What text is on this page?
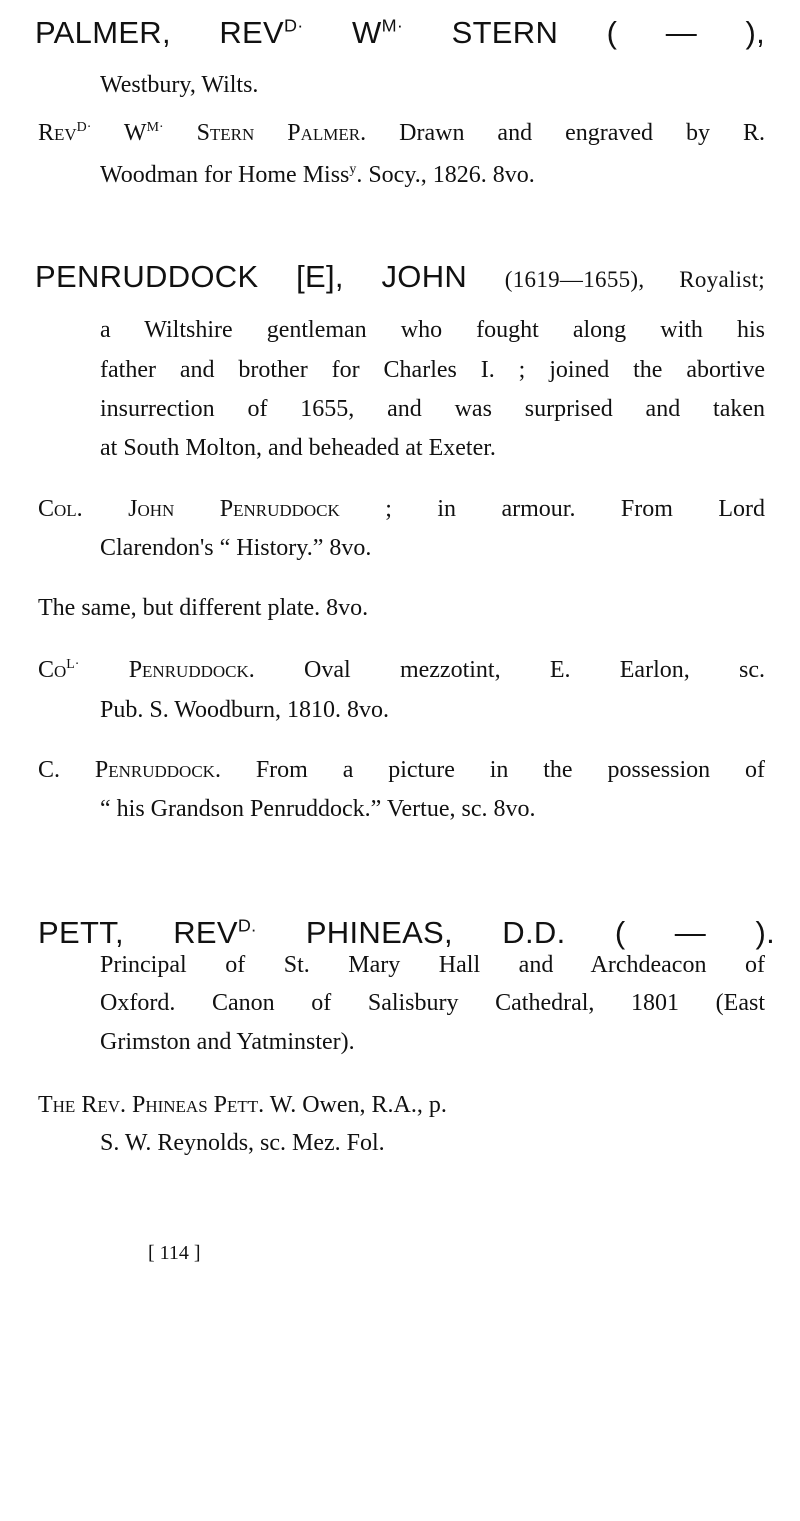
PALMER, $REV^{D\cdot}$ $W^{M\cdot}$ STERN ( — ),
Westbury, Wilts.
Rev$^{D\cdot}$ $W^{M\cdot}$ Stern Palmer. Drawn and engraved by R.
Woodman for Home Miss$^y$. Socy., 1826. 8vo.
PENRUDDOCK [E], JOHN (1619—1655), Royalist;
a Wiltshire gentleman who fought along with his
father and brother for Charles I. ; joined the abortive
insurrection of 1655, and was surprised and taken
at South Molton, and beheaded at Exeter.
Col. John Penruddock ; in armour. From Lord
Clarendon's “ History.” 8vo.
The same, but different plate. 8vo.
$Co^{L\cdot}$ Penruddock. Oval mezzotint, E. Earlon, sc.
Pub. S. Woodburn, 1810. 8vo.
C. Penruddock. From a picture in the possession of
“ his Grandson Penruddock.” Vertue, sc. 8vo.
PETT, $REV^{D.}$ PHINEAS, D.D. ( — ).
Principal of St. Mary Hall and Archdeacon of
Oxford. Canon of Salisbury Cathedral, 1801 (East
Grimston and Yatminster).
The Rev. Phineas Pett. W. Owen, R.A., p.
S. W. Reynolds, sc. Mez. Fol.
[ 114 ]
